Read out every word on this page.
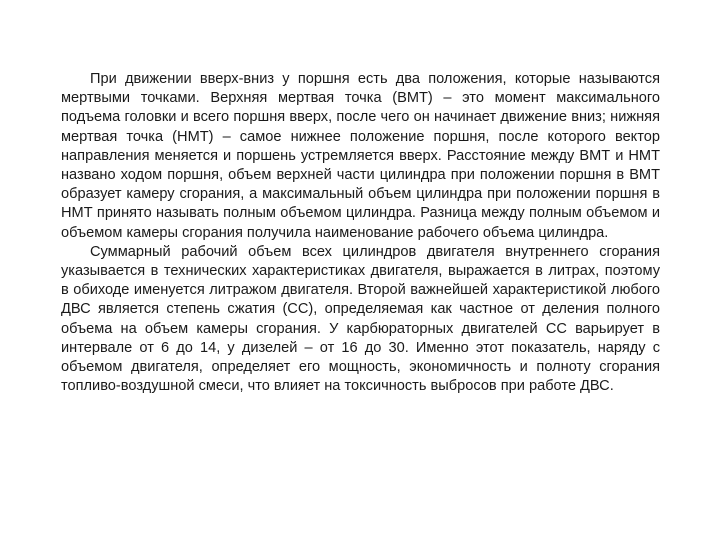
При движении вверх-вниз у поршня есть два положения, которые называются мертвыми точками. Верхняя мертвая точка (ВМТ) – это момент максимального подъема головки и всего поршня вверх, после чего он начинает движение вниз; нижняя мертвая точка (НМТ) – самое нижнее положение поршня, после которого вектор направления меняется и поршень устремляется вверх. Расстояние между ВМТ и НМТ названо ходом поршня, объем верхней части цилиндра при положении поршня в ВМТ образует камеру сгорания, а максимальный объем цилиндра при положении поршня в НМТ принято называть полным объемом цилиндра. Разница между полным объемом и объемом камеры сгорания получила наименование рабочего объема цилиндра.

Суммарный рабочий объем всех цилиндров двигателя внутреннего сгорания указывается в технических характеристиках двигателя, выражается в литрах, поэтому в обиходе именуется литражом двигателя. Второй важнейшей характеристикой любого ДВС является степень сжатия (СС), определяемая как частное от деления полного объема на объем камеры сгорания. У карбюраторных двигателей СС варьирует в интервале от 6 до 14, у дизелей – от 16 до 30. Именно этот показатель, наряду с объемом двигателя, определяет его мощность, экономичность и полноту сгорания топливо-воздушной смеси, что влияет на токсичность выбросов при работе ДВС.
